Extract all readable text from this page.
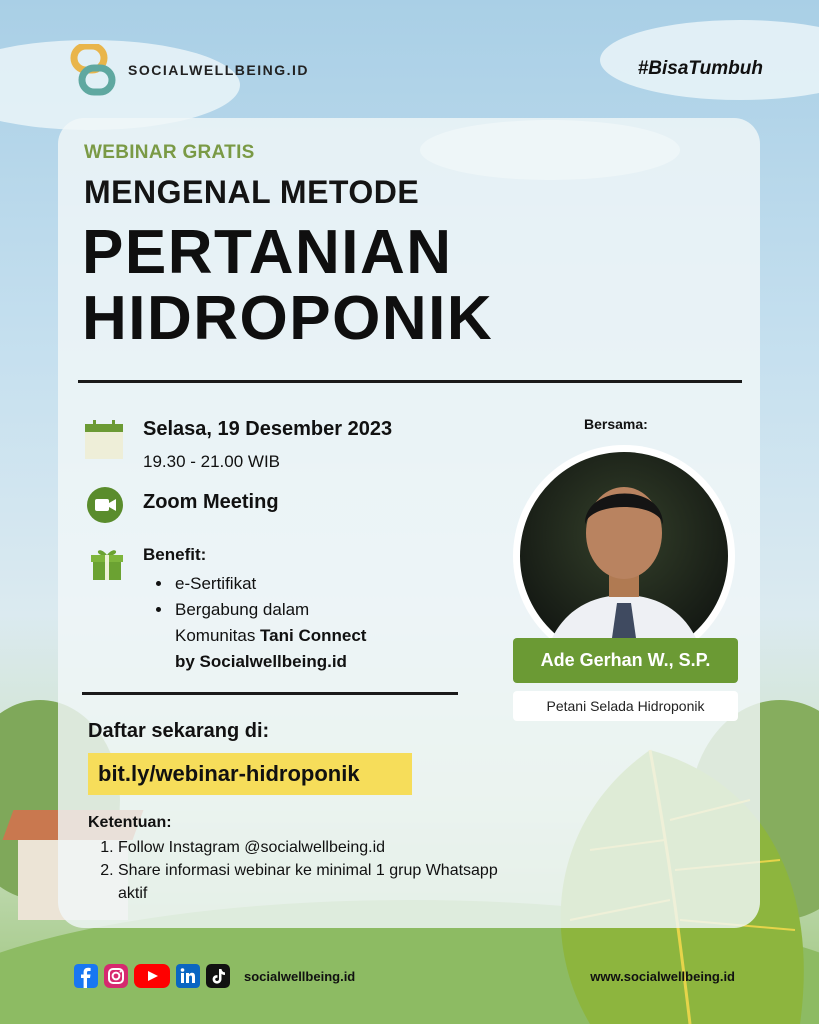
SOCIALWELLBEING.ID	#BisaTumbuh
WEBINAR GRATIS
MENGENAL METODE
PERTANIAN
HIDROPONIK
Selasa, 19 Desember 2023
19.30 - 21.00 WIB
Zoom Meeting
Benefit:
• e-Sertifikat
• Bergabung dalam
Komunitas Tani Connect
by Socialwellbeing.id
Daftar sekarang di:
bit.ly/webinar-hidroponik
Ketentuan:
1. Follow Instagram @socialwellbeing.id
2. Share informasi webinar ke minimal 1 grup Whatsapp aktif
Bersama:
Ade Gerhan W., S.P.
Petani Selada Hidroponik
socialwellbeing.id	www.socialwellbeing.id
